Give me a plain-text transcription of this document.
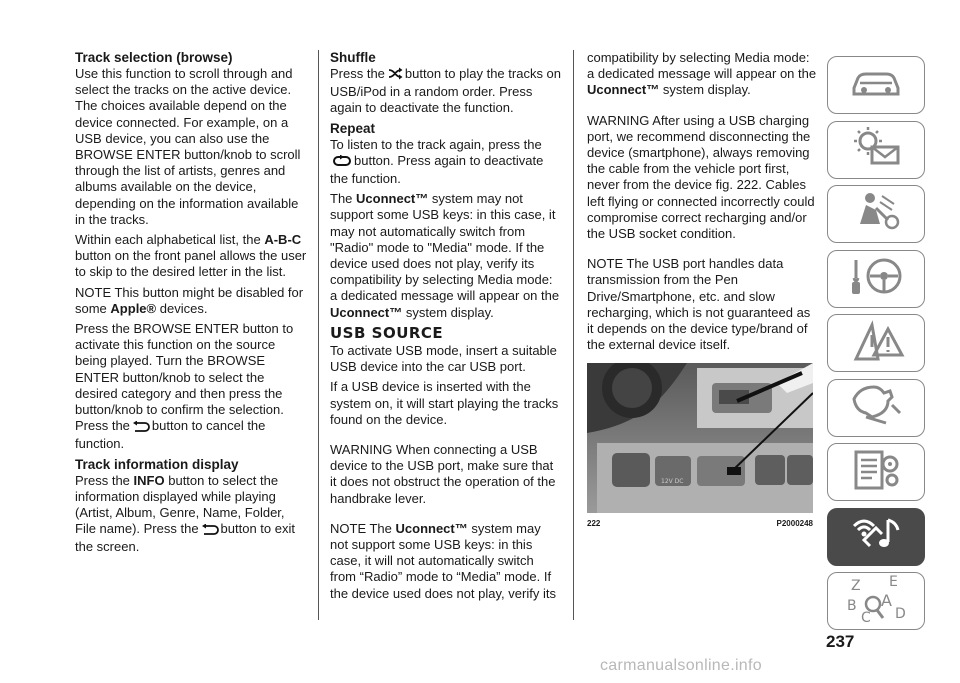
Track selection (browse)

Use this function to scroll through and select the tracks on the active device. The choices available depend on the device connected. For example, on a USB device, you can also use the BROWSE ENTER button/knob to scroll through the list of artists, genres and albums available on the device, depending on the information available in the tracks.

Within each alphabetical list, the A-B-C button on the front panel allows the user to skip to the desired letter in the list.

NOTE This button might be disabled for some Apple® devices.

Press the BROWSE ENTER button to activate this function on the source being played. Turn the BROWSE ENTER button/knob to select the desired category and then press the button/knob to confirm the selection. Press the button to cancel the function.

Track information display

Press the INFO button to select the information displayed while playing (Artist, Album, Genre, Name, Folder, File name). Press the button to exit the screen.

Shuffle

Press the button to play the tracks on USB/iPod in a random order. Press again to deactivate the function.

Repeat

To listen to the track again, press the
button. Press again to deactivate the function.

The Uconnect™ system may not support some USB keys: in this case, it may not automatically switch from "Radio" mode to "Media" mode. If the device used does not play, verify its compatibility by selecting Media mode: a dedicated message will appear on the Uconnect™ system display.

USB SOURCE

To activate USB mode, insert a suitable USB device into the car USB port.

If a USB device is inserted with the system on, it will start playing the tracks found on the device.

WARNING When connecting a USB device to the USB port, make sure that it does not obstruct the operation of the handbrake lever.

NOTE The Uconnect™ system may not support some USB keys: in this case, it will not automatically switch from “Radio” mode to “Media” mode. If the device used does not play, verify its

compatibility by selecting Media mode: a dedicated message will appear on the Uconnect™ system display.

WARNING After using a USB charging port, we recommend disconnecting the device (smartphone), always removing the cable from the vehicle port first, never from the device fig. 222. Cables left flying or connected incorrectly could compromise correct recharging and/or the USB socket condition.

NOTE The USB port handles data transmission from the Pen Drive/Smartphone, etc. and slow recharging, which is not guaranteed as it depends on the device type/brand of the external device itself.

12V DC
222	P2000248
Z E
B A
C D
237
carmanualsonline.info
